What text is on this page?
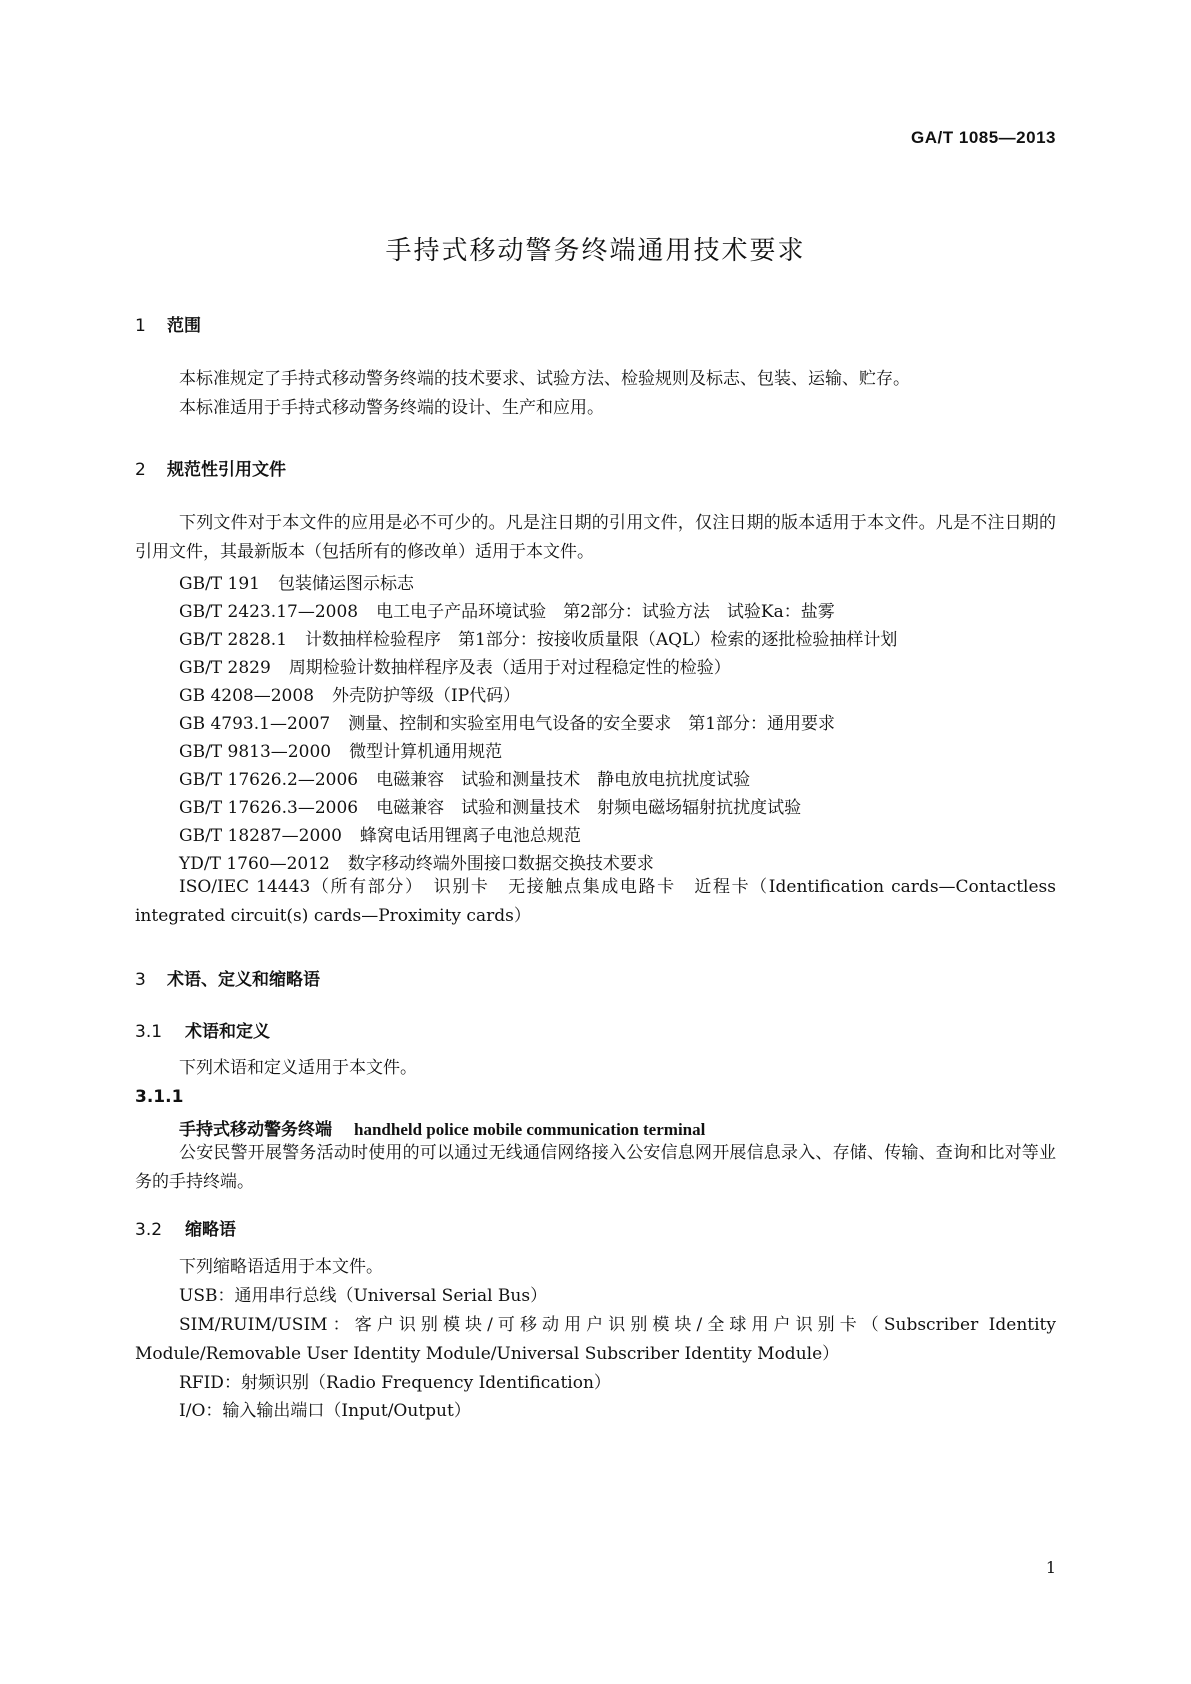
GA/T 1085—2013
手持式移动警务终端通用技术要求
1 范围
本标准规定了手持式移动警务终端的技术要求、试验方法、检验规则及标志、包装、运输、贮存。
本标准适用于手持式移动警务终端的设计、生产和应用。
2 规范性引用文件
下列文件对于本文件的应用是必不可少的。凡是注日期的引用文件，仅注日期的版本适用于本文件。凡是不注日期的引用文件，其最新版本（包括所有的修改单）适用于本文件。
GB/T 191 包装储运图示标志
GB/T 2423.17—2008 电工电子产品环境试验　第2部分：试验方法　试验Ka：盐雾
GB/T 2828.1 计数抽样检验程序　第1部分：按接收质量限（AQL）检索的逐批检验抽样计划
GB/T 2829 周期检验计数抽样程序及表（适用于对过程稳定性的检验）
GB 4208—2008 外壳防护等级（IP代码）
GB 4793.1—2007 测量、控制和实验室用电气设备的安全要求　第1部分：通用要求
GB/T 9813—2000 微型计算机通用规范
GB/T 17626.2—2006 电磁兼容　试验和测量技术　静电放电抗扰度试验
GB/T 17626.3—2006 电磁兼容　试验和测量技术　射频电磁场辐射抗扰度试验
GB/T 18287—2000 蜂窝电话用锂离子电池总规范
YD/T 1760—2012 数字移动终端外围接口数据交换技术要求
ISO/IEC 14443（所有部分）　识别卡　无接触点集成电路卡　近程卡（Identification cards—Contactless integrated circuit(s) cards—Proximity cards）
3 术语、定义和缩略语
3.1 术语和定义
下列术语和定义适用于本文件。
3.1.1
手持式移动警务终端 handheld police mobile communication terminal
公安民警开展警务活动时使用的可以通过无线通信网络接入公安信息网开展信息录入、存储、传输、查询和比对等业务的手持终端。
3.2 缩略语
下列缩略语适用于本文件。
USB：通用串行总线（Universal Serial Bus）
SIM/RUIM/USIM：客户识别模块/可移动用户识别模块/全球用户识别卡（Subscriber Identity Module/Removable User Identity Module/Universal Subscriber Identity Module）
RFID：射频识别（Radio Frequency Identification）
I/O：输入输出端口（Input/Output）
1
